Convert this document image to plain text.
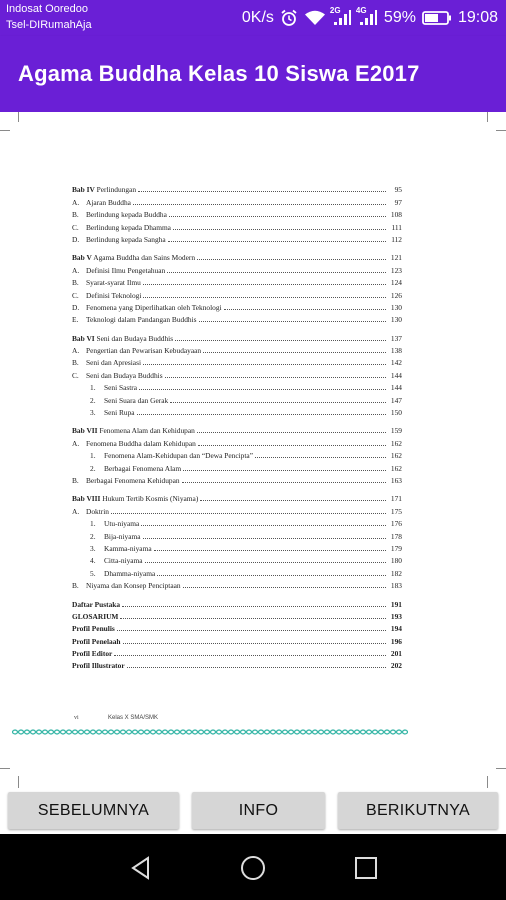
Indosat Ooredoo
Tsel-DIRumahAja	0K/s	2G 4G 59%	19:08
Agama Buddha Kelas 10 Siswa E2017
Bab IV Perlindungan	95
A. Ajaran Buddha	97
B. Berlindung kepada Buddha	108
C. Berlindung kepada Dhamma	111
D. Berlindung kepada Sangha	112
Bab V Agama Buddha dan Sains Modern	121
A. Definisi Ilmu Pengetahuan	123
B. Syarat-syarat Ilmu	124
C. Definisi Teknologi	126
D. Fenomena yang Diperlihatkan oleh Teknologi	130
E. Teknologi dalam Pandangan Buddhis	130
Bab VI Seni dan Budaya Buddhis	137
A. Pengertian dan Pewarisan Kebudayaan	138
B. Seni dan Apresiasi	142
C. Seni dan Budaya Buddhis	144
1. Seni Sastra	144
2. Seni Suara dan Gerak	147
3. Seni Rupa	150
Bab VII Fenomena Alam dan Kehidupan	159
A. Fenomena Buddha dalam Kehidupan	162
1. Fenomena Alam-Kehidupan dan “Dewa Pencipta”	162
2. Berbagai Fenomena Alam	162
B. Berbagai Fenomena Kehidupan	163
Bab VIII Hukum Tertib Kosmis (Niyama)	171
A. Doktrin	175
1. Utu-niyama	176
2. Bija-niyama	178
3. Kamma-niyama	179
4. Citta-niyama	180
5. Dhamma-niyama	182
B. Niyama dan Konsep Penciptaan	183
Daftar Pustaka	191
GLOSARIUM	193
Profil Penulis	194
Profil Penelaah	196
Profil Editor	201
Profil Illustrator	202
vi	Kelas X SMA/SMK
SEBELUMNYA	INFO	BERIKUTNYA
